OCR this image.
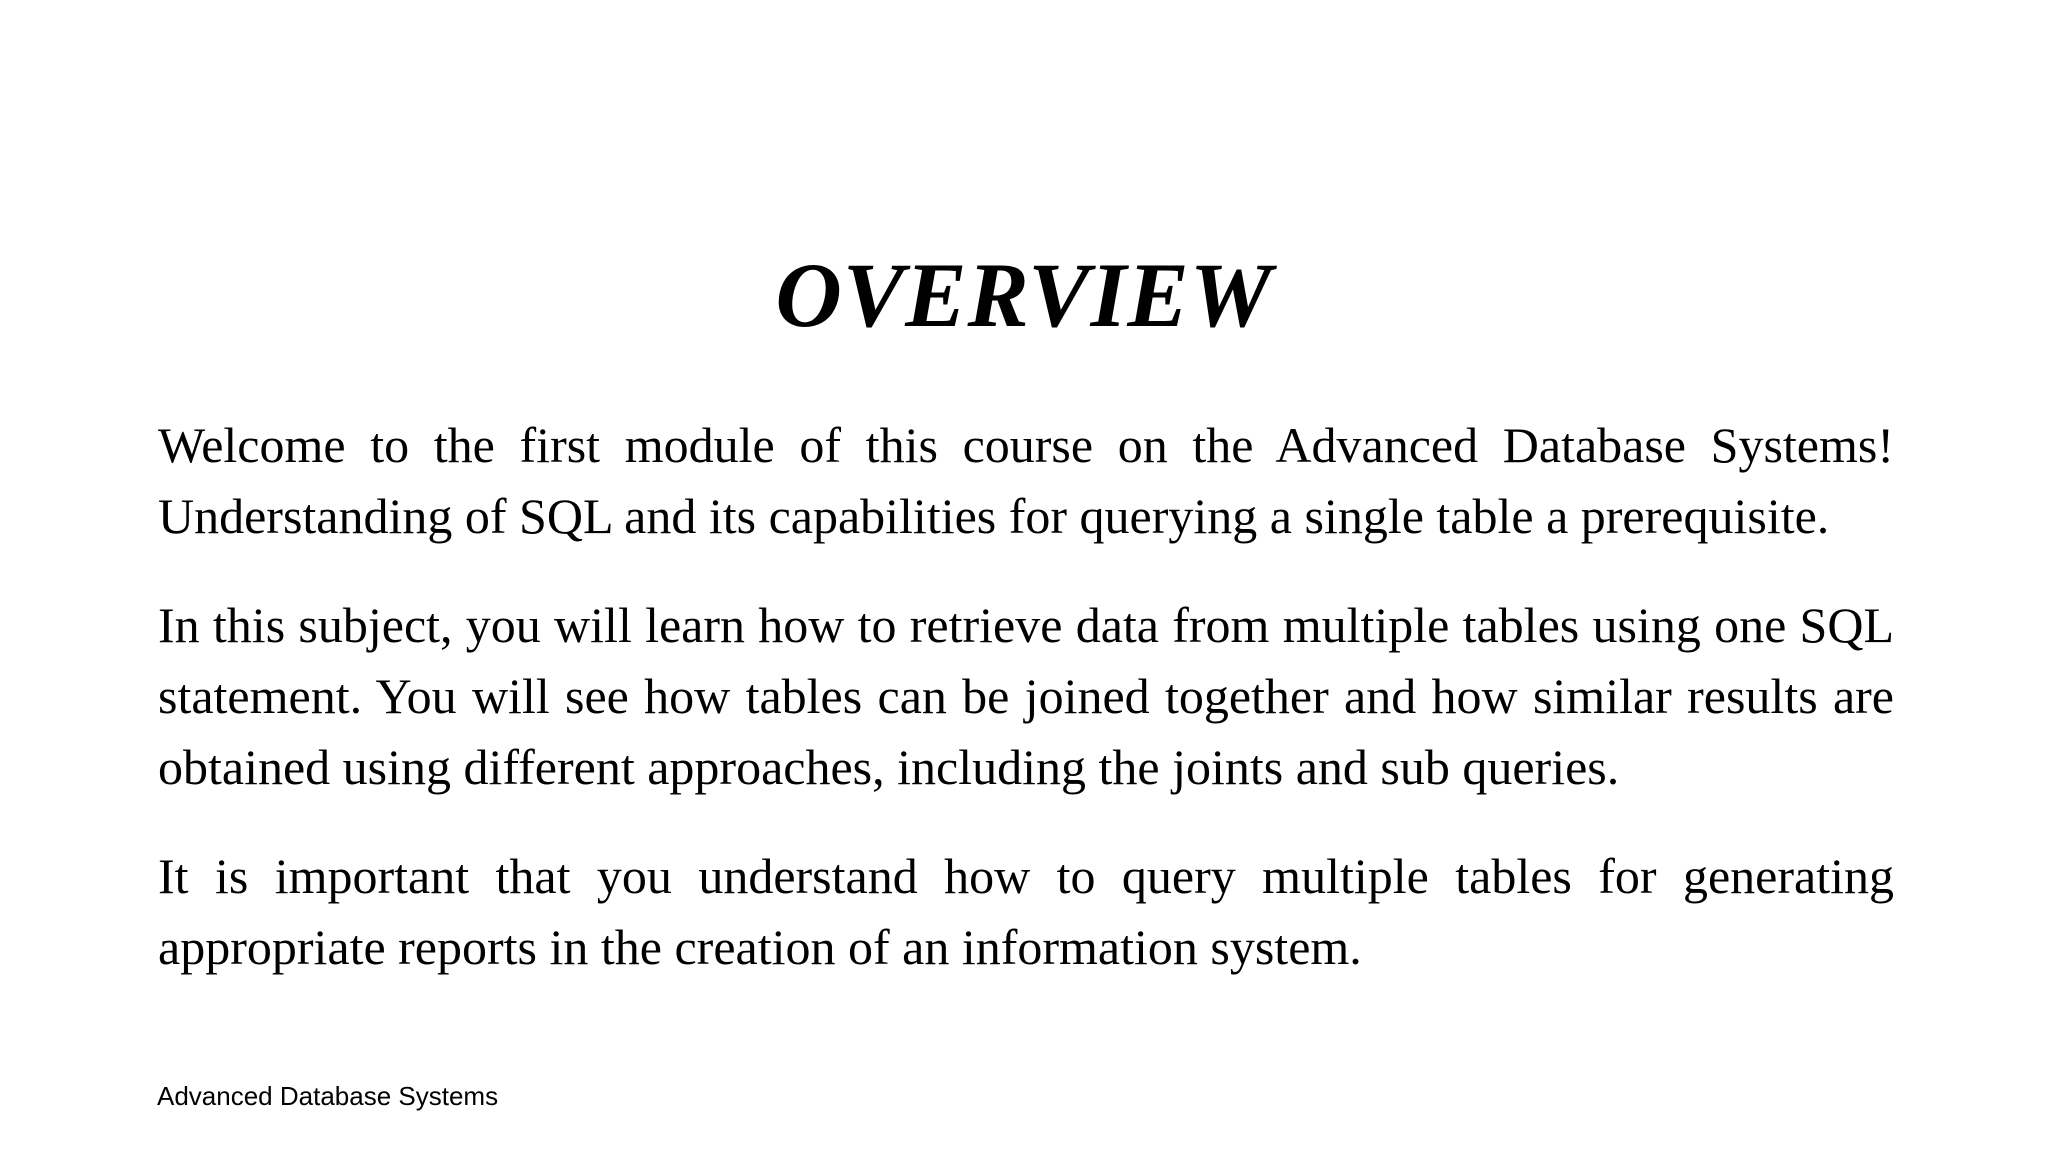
OVERVIEW

Welcome to the first module of this course on the Advanced Database Systems! Understanding of SQL and its capabilities for querying a single table a prerequisite.

In this subject, you will learn how to retrieve data from multiple tables using one SQL statement. You will see how tables can be joined together and how similar results are obtained using different approaches, including the joints and sub queries.

It is important that you understand how to query multiple tables for generating appropriate reports in the creation of an information system.

Advanced Database Systems
